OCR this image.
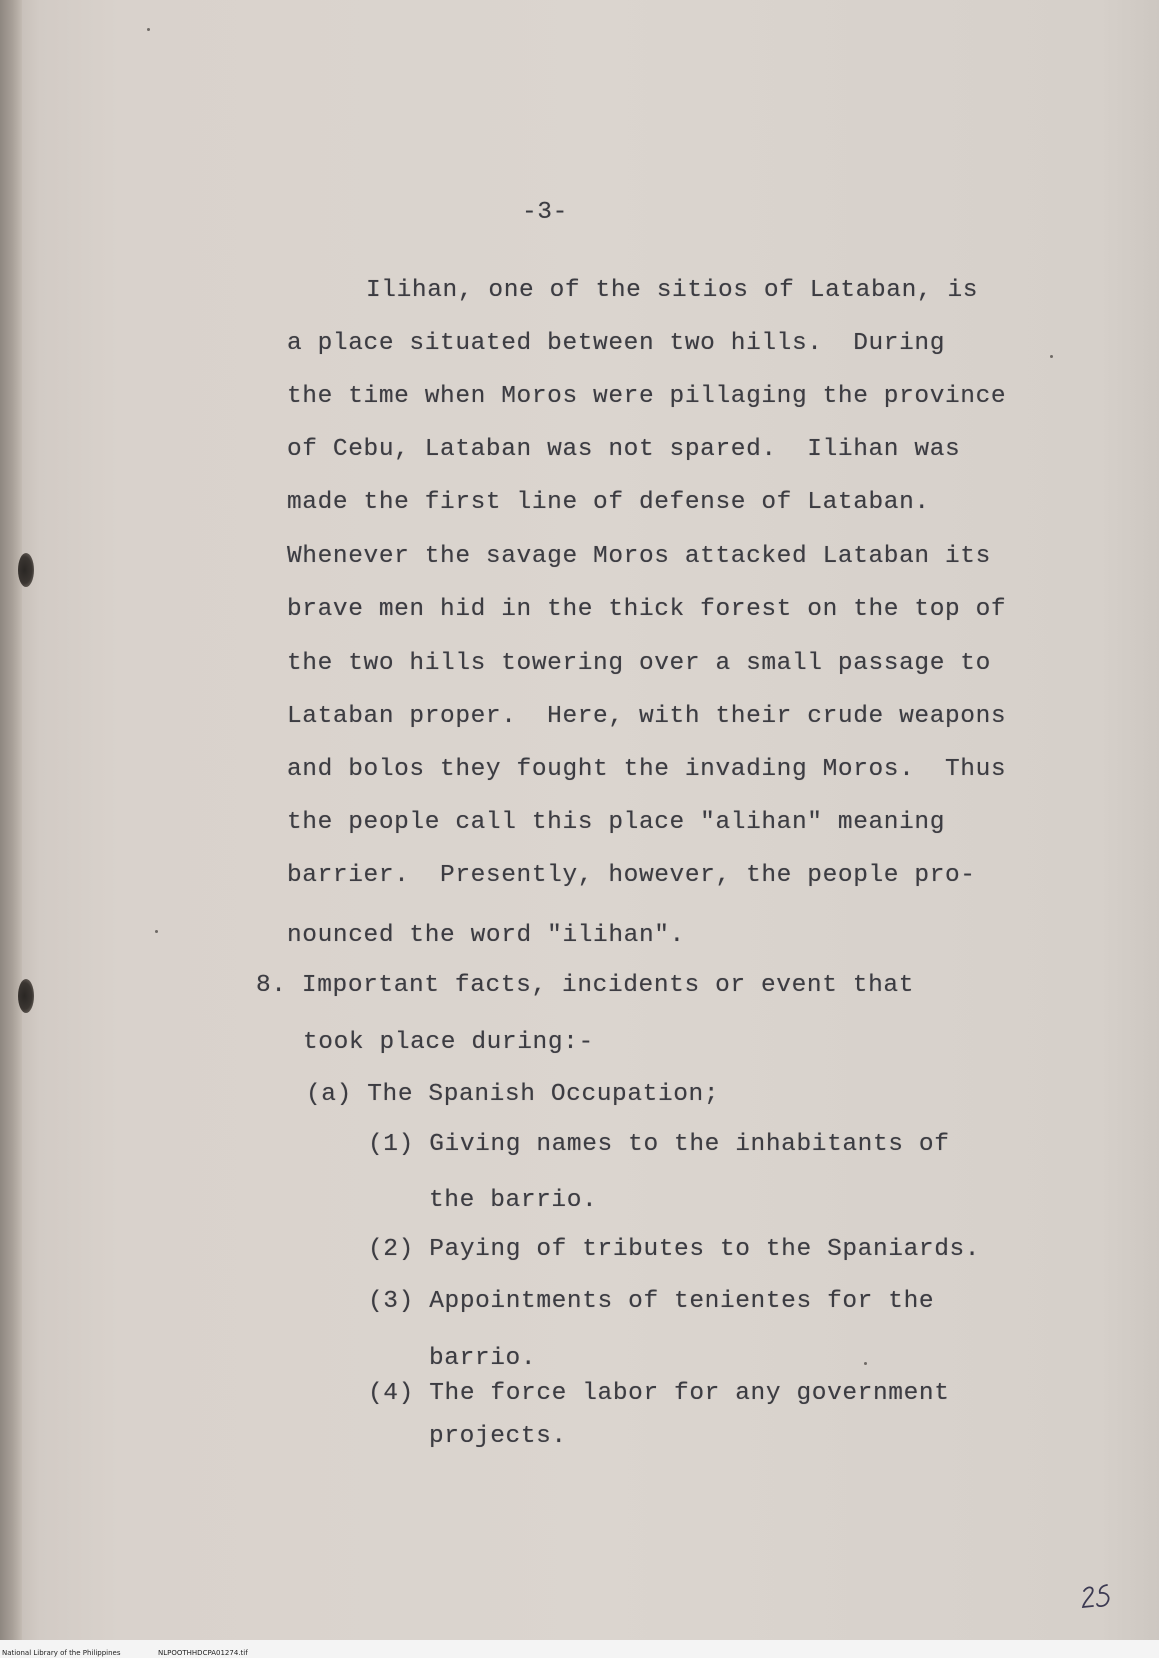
-3-
Ilihan, one of the sitios of Lataban, is
a place situated between two hills.  During
the time when Moros were pillaging the province
of Cebu, Lataban was not spared.  Ilihan was
made the first line of defense of Lataban.
Whenever the savage Moros attacked Lataban its
brave men hid in the thick forest on the top of
the two hills towering over a small passage to
Lataban proper.  Here, with their crude weapons
and bolos they fought the invading Moros.  Thus
the people call this place "alihan" meaning
barrier.  Presently, however, the people pro-
nounced the word "ilihan".
8. Important facts, incidents or event that
took place during:-
(a) The Spanish Occupation;
(1) Giving names to the inhabitants of
the barrio.
(2) Paying of tributes to the Spaniards.
(3) Appointments of tenientes for the
barrio.
(4) The force labor for any government
projects.
National Library of the Philippines	NLPOOTHHDCPA01274.tif
